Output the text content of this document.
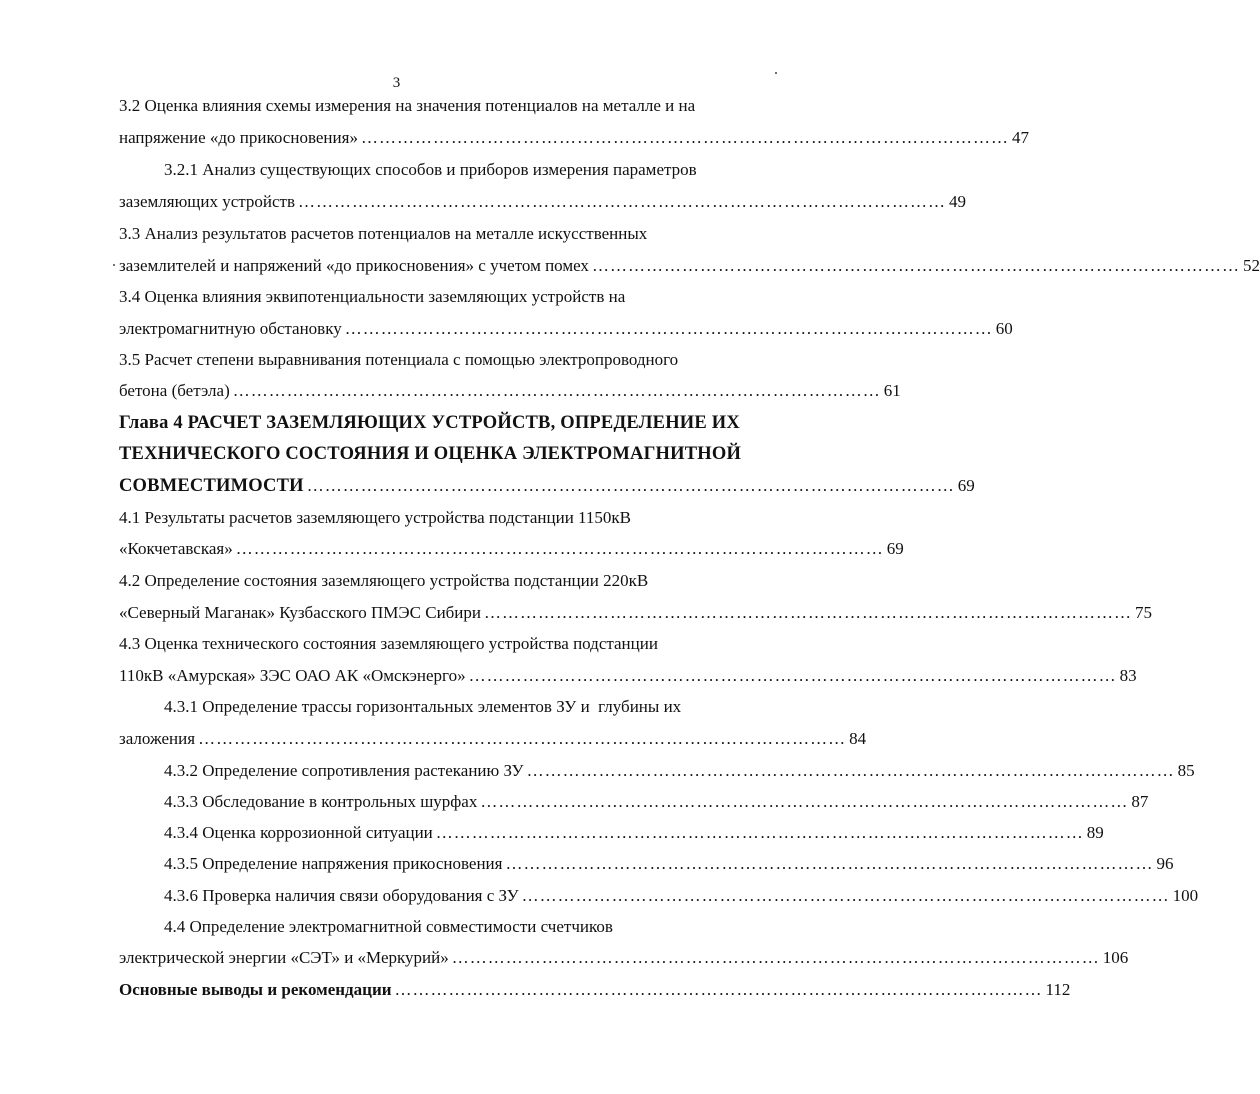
3
3.2 Оценка влияния схемы измерения на значения потенциалов на металле и на
напряжение «до прикосновения» ……………………………………………………………………………………………… 47
3.2.1 Анализ существующих способов и приборов измерения параметров
заземляющих устройств ……………………………………………………………………………………………… 49
3.3 Анализ результатов расчетов потенциалов на металле искусственных
заземлителей и напряжений «до прикосновения» с учетом помех ……………………………………………………………………………………………… 52
3.4 Оценка влияния эквипотенциальности заземляющих устройств на
электромагнитную обстановку ……………………………………………………………………………………………… 60
3.5 Расчет степени выравнивания потенциала с помощью электропроводного
бетона (бетэла) ……………………………………………………………………………………………… 61
Глава 4 РАСЧЕТ ЗАЗЕМЛЯЮЩИХ УСТРОЙСТВ, ОПРЕДЕЛЕНИЕ ИХ
ТЕХНИЧЕСКОГО СОСТОЯНИЯ И ОЦЕНКА ЭЛЕКТРОМАГНИТНОЙ
СОВМЕСТИМОСТИ ……………………………………………………………………………………………… 69
4.1 Результаты расчетов заземляющего устройства подстанции 1150кВ
«Кокчетавская» ……………………………………………………………………………………………… 69
4.2 Определение состояния заземляющего устройства подстанции 220кВ
«Северный Маганак» Кузбасского ПМЭС Сибири ……………………………………………………………………………………………… 75
4.3 Оценка технического состояния заземляющего устройства подстанции
110кВ «Амурская» ЗЭС ОАО АК «Омскэнерго» ……………………………………………………………………………………………… 83
4.3.1 Определение трассы горизонтальных элементов ЗУ и  глубины их
заложения ……………………………………………………………………………………………… 84
4.3.2 Определение сопротивления растеканию ЗУ ……………………………………………………………………………………………… 85
4.3.3 Обследование в контрольных шурфах ……………………………………………………………………………………………… 87
4.3.4 Оценка коррозионной ситуации ……………………………………………………………………………………………… 89
4.3.5 Определение напряжения прикосновения ……………………………………………………………………………………………… 96
4.3.6 Проверка наличия связи оборудования с ЗУ ……………………………………………………………………………………………… 100
4.4 Определение электромагнитной совместимости счетчиков
электрической энергии «СЭТ» и «Меркурий» ……………………………………………………………………………………………… 106
Основные выводы и рекомендации ……………………………………………………………………………………………… 112
